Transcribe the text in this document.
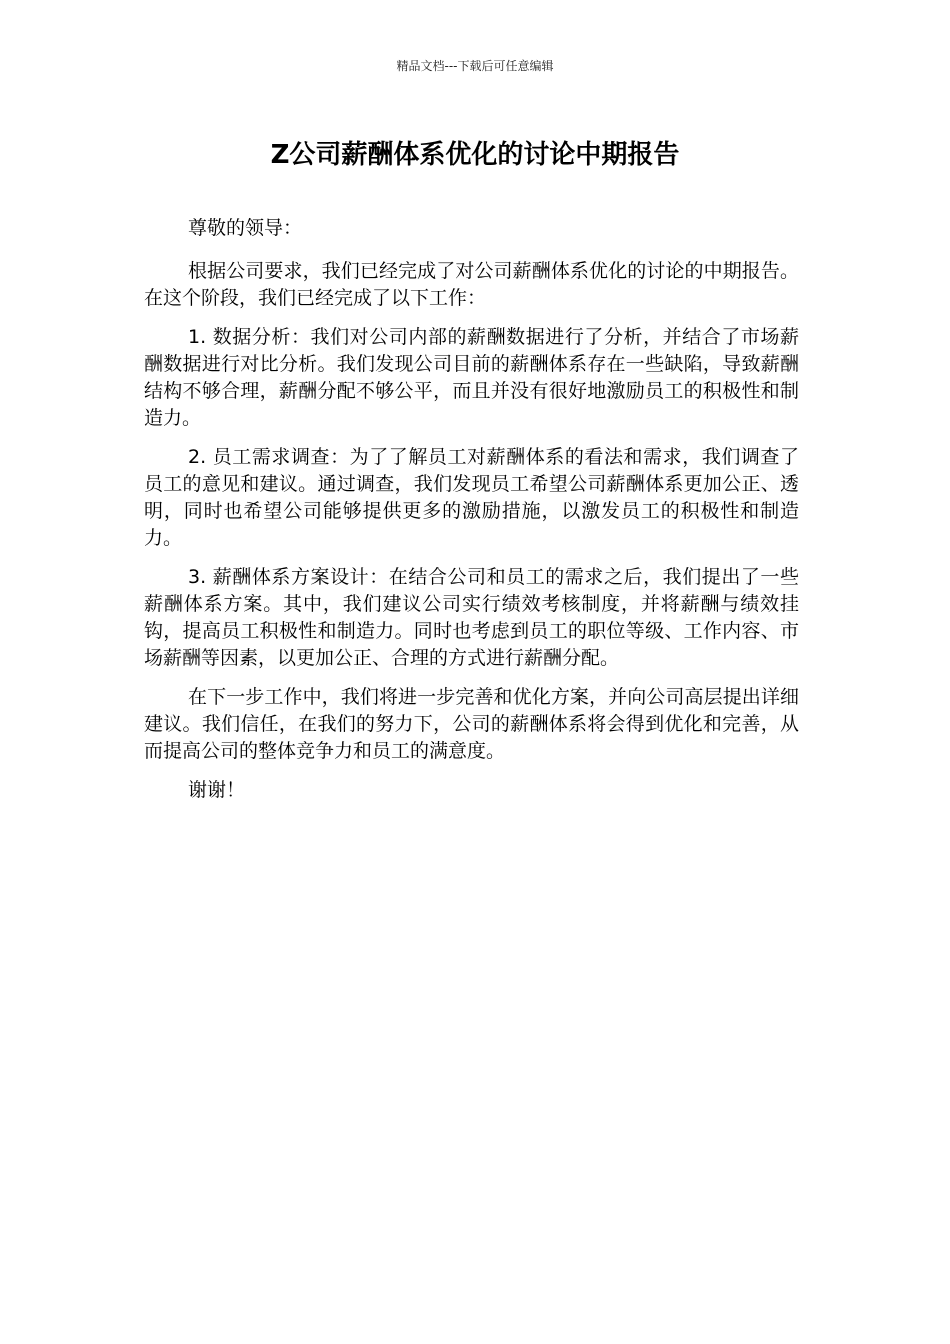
精品文档---下载后可任意编辑
Z公司薪酬体系优化的讨论中期报告

尊敬的领导：

根据公司要求，我们已经完成了对公司薪酬体系优化的讨论的中期报告。在这个阶段，我们已经完成了以下工作：

1. 数据分析：我们对公司内部的薪酬数据进行了分析，并结合了市场薪酬数据进行对比分析。我们发现公司目前的薪酬体系存在一些缺陷，导致薪酬结构不够合理，薪酬分配不够公平，而且并没有很好地激励员工的积极性和制造力。

2. 员工需求调查：为了了解员工对薪酬体系的看法和需求，我们调查了员工的意见和建议。通过调查，我们发现员工希望公司薪酬体系更加公正、透明，同时也希望公司能够提供更多的激励措施，以激发员工的积极性和制造力。

3. 薪酬体系方案设计：在结合公司和员工的需求之后，我们提出了一些薪酬体系方案。其中，我们建议公司实行绩效考核制度，并将薪酬与绩效挂钩，提高员工积极性和制造力。同时也考虑到员工的职位等级、工作内容、市场薪酬等因素，以更加公正、合理的方式进行薪酬分配。

在下一步工作中，我们将进一步完善和优化方案，并向公司高层提出详细建议。我们信任，在我们的努力下，公司的薪酬体系将会得到优化和完善，从而提高公司的整体竞争力和员工的满意度。

谢谢！
